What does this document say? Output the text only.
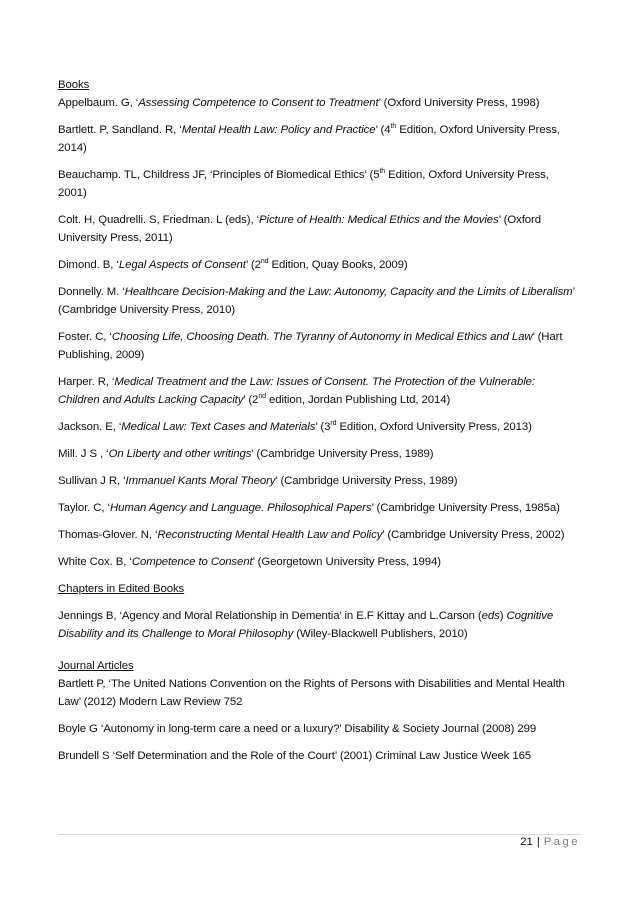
Books
Appelbaum. G, ‘Assessing Competence to Consent to Treatment’ (Oxford University Press, 1998)
Bartlett. P, Sandland. R, ‘Mental Health Law: Policy and Practice’ (4th Edition, Oxford University Press, 2014)
Beauchamp. TL, Childress JF, ‘Principles of Biomedical Ethics’ (5th Edition, Oxford University Press, 2001)
Colt. H, Quadrelli. S, Friedman. L (eds), ‘Picture of Health: Medical Ethics and the Movies’ (Oxford University Press, 2011)
Dimond. B, ‘Legal Aspects of Consent’ (2nd Edition, Quay Books, 2009)
Donnelly. M. ‘Healthcare Decision-Making and the Law: Autonomy, Capacity and the Limits of Liberalism’ (Cambridge University Press, 2010)
Foster. C, ‘Choosing Life, Choosing Death. The Tyranny of Autonomy in Medical Ethics and Law’ (Hart Publishing, 2009)
Harper. R, ‘Medical Treatment and the Law: Issues of Consent. The Protection of the Vulnerable: Children and Adults Lacking Capacity’ (2nd edition, Jordan Publishing Ltd, 2014)
Jackson. E, ‘Medical Law: Text Cases and Materials’ (3rd Edition, Oxford University Press, 2013)
Mill. J S , ‘On Liberty and other writings’ (Cambridge University Press, 1989)
Sullivan J R, ‘Immanuel Kants Moral Theory’ (Cambridge University Press, 1989)
Taylor. C, ‘Human Agency and Language. Philosophical Papers’ (Cambridge University Press, 1985a)
Thomas-Glover. N, ‘Reconstructing Mental Health Law and Policy’ (Cambridge University Press, 2002)
White Cox. B, ‘Competence to Consent’ (Georgetown University Press, 1994)
Chapters in Edited Books
Jennings B, ‘Agency and Moral Relationship in Dementia’ in E.F Kittay and L.Carson (eds) Cognitive Disability and its Challenge to Moral Philosophy (Wiley-Blackwell Publishers, 2010)
Journal Articles
Bartlett P, ‘The United Nations Convention on the Rights of Persons with Disabilities and Mental Health Law’ (2012) Modern Law Review 752
Boyle G ‘Autonomy in long-term care a need or a luxury?’ Disability & Society Journal (2008) 299
Brundell S ‘Self Determination and the Role of the Court’ (2001) Criminal Law Justice Week 165
21 | Page
